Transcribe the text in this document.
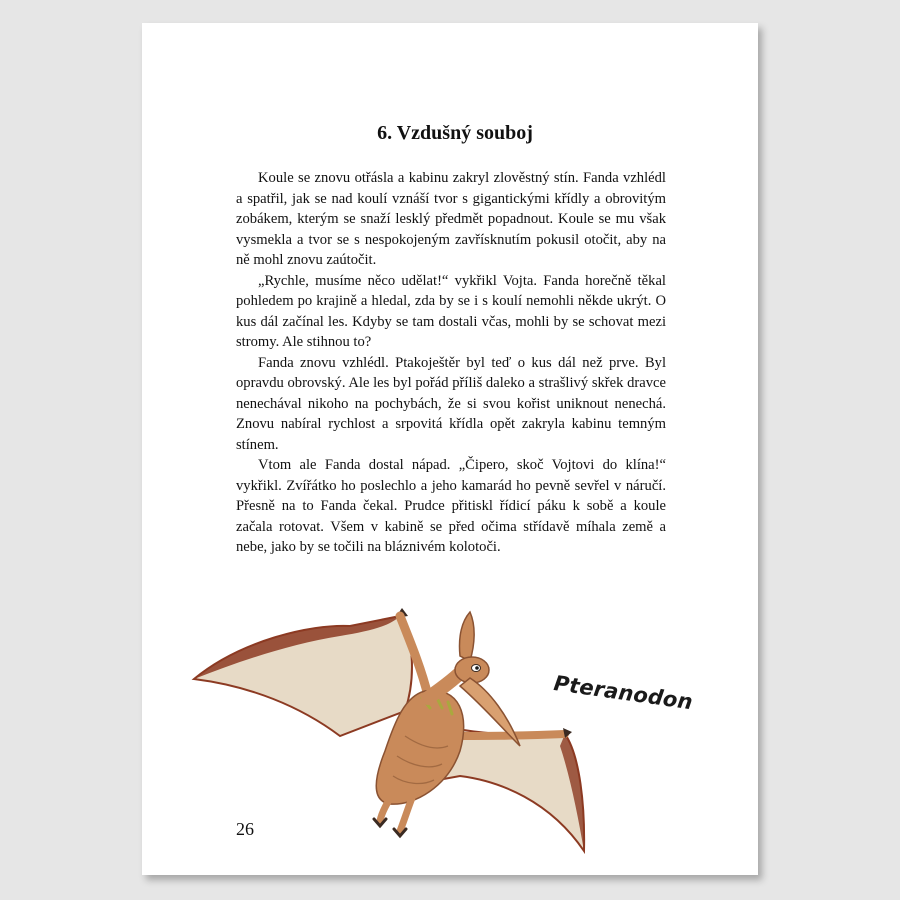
6. Vzdušný souboj

Koule se znovu otřásla a kabinu zakryl zlověstný stín. Fanda vzhlédl a spatřil, jak se nad koulí vznáší tvor s gigantickými křídly a obrovitým zobákem, kterým se snaží lesklý předmět popadnout. Koule se mu však vysmekla a tvor se s nespokojeným zavřísknutím pokusil otočit, aby na ně mohl znovu zaútočit.

„Rychle, musíme něco udělat!“ vykřikl Vojta. Fanda horečně těkal pohledem po krajině a hledal, zda by se i s koulí nemohli někde ukrýt. O kus dál začínal les. Kdyby se tam dostali včas, mohli by se schovat mezi stromy. Ale stihnou to?

Fanda znovu vzhlédl. Ptakoještěr byl teď o kus dál než prve. Byl opravdu obrovský. Ale les byl pořád příliš daleko a strašlivý skřek dravce nenechával nikoho na pochybách, že si svou kořist uniknout nenechá. Znovu nabíral rychlost a srpovitá křídla opět zakryla kabinu temným stínem.

Vtom ale Fanda dostal nápad. „Čipero, skoč Vojtovi do klína!“ vykřikl. Zvířátko ho poslechlo a jeho kamarád ho pevně sevřel v náručí. Přesně na to Fanda čekal. Prudce přitiskl řídicí páku k sobě a koule začala rotovat. Všem v kabině se před očima střídavě míhala země a nebe, jako by se točili na bláznivém kolotoči.

Pteranodon
26
